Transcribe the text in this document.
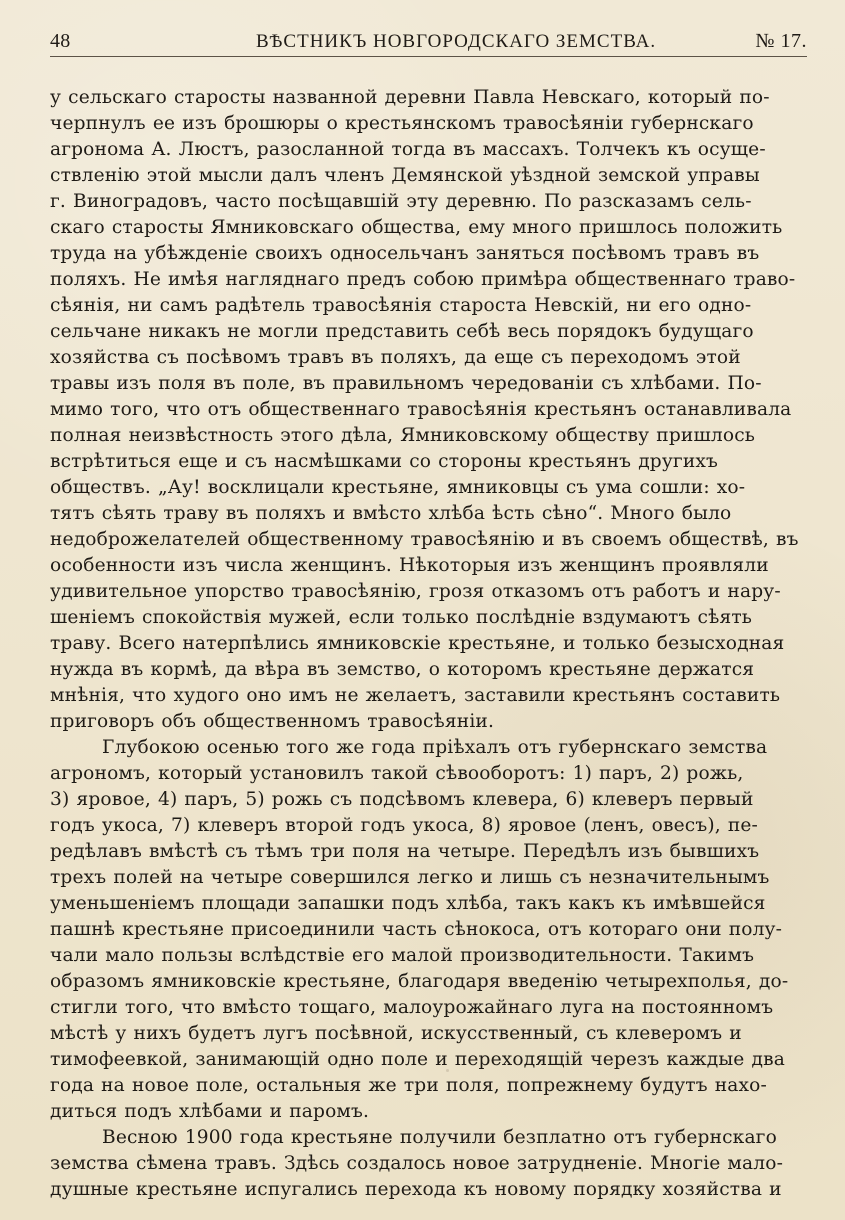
48	ВѢСТНИКЪ НОВГОРОДСКАГО ЗЕМСТВА.	№ 17.

у сельскаго старосты названной деревни Павла Невскаго, который по-
черпнулъ ее изъ брошюры о крестьянскомъ травосѣяніи губернскаго
агронома А. Люстъ, разосланной тогда въ массахъ. Толчекъ къ осуще-
ствленію этой мысли далъ членъ Демянской уѣздной земской управы
г. Виноградовъ, часто посѣщавшій эту деревню. По разсказамъ сель-
скаго старосты Ямниковскаго общества, ему много пришлось положить
труда на убѣжденіе своихъ односельчанъ заняться посѣвомъ травъ въ
поляхъ. Не имѣя нагляднаго предъ собою примѣра общественнаго траво-
сѣянія, ни самъ радѣтель травосѣянія староста Невскій, ни его одно-
сельчане никакъ не могли представить себѣ весь порядокъ будущаго
хозяйства съ посѣвомъ травъ въ поляхъ, да еще съ переходомъ этой
травы изъ поля въ поле, въ правильномъ чередованіи съ хлѣбами. По-
мимо того, что отъ общественнаго травосѣянія крестьянъ останавливала
полная неизвѣстность этого дѣла, Ямниковскому обществу пришлось
встрѣтиться еще и съ насмѣшками со стороны крестьянъ другихъ
обществъ. „Ау! восклицали крестьяне, ямниковцы съ ума сошли: хо-
тятъ сѣять траву въ поляхъ и вмѣсто хлѣба ѣсть сѣно“. Много было
недоброжелателей общественному травосѣянію и въ своемъ обществѣ, въ
особенности изъ числа женщинъ. Нѣкоторыя изъ женщинъ проявляли
удивительное упорство травосѣянію, грозя отказомъ отъ работъ и нару-
шеніемъ спокойствія мужей, если только послѣдніе вздумаютъ сѣять
траву. Всего натерпѣлись ямниковскіе крестьяне, и только безысходная
нужда въ кормѣ, да вѣра въ земство, о которомъ крестьяне держатся
мнѣнія, что худого оно имъ не желаетъ, заставили крестьянъ составить
приговоръ объ общественномъ травосѣяніи.

Глубокою осенью того же года пріѣхалъ отъ губернскаго земства
агрономъ, который установилъ такой сѣвооборотъ: 1) паръ, 2) рожь,
3) яровое, 4) паръ, 5) рожь съ подсѣвомъ клевера, 6) клеверъ первый
годъ укоса, 7) клеверъ второй годъ укоса, 8) яровое (ленъ, овесъ), пе-
редѣлавъ вмѣстѣ съ тѣмъ три поля на четыре. Передѣлъ изъ бывшихъ
трехъ полей на четыре совершился легко и лишь съ незначительнымъ
уменьшеніемъ площади запашки подъ хлѣба, такъ какъ къ имѣвшейся
пашнѣ крестьяне присоединили часть сѣнокоса, отъ котораго они полу-
чали мало пользы вслѣдствіе его малой производительности. Такимъ
образомъ ямниковскіе крестьяне, благодаря введенію четырехполья, до-
стигли того, что вмѣсто тощаго, малоурожайнаго луга на постоянномъ
мѣстѣ у нихъ будетъ лугъ посѣвной, искусственный, съ клеверомъ и
тимофеевкой, занимающій одно поле и переходящій черезъ каждые два
года на новое поле, остальныя же три поля, попрежнему будутъ нахо-
диться подъ хлѣбами и паромъ.

Весною 1900 года крестьяне получили безплатно отъ губернскаго
земства сѣмена травъ. Здѣсь создалось новое затрудненіе. Многіе мало-
душные крестьяне испугались перехода къ новому порядку хозяйства и
